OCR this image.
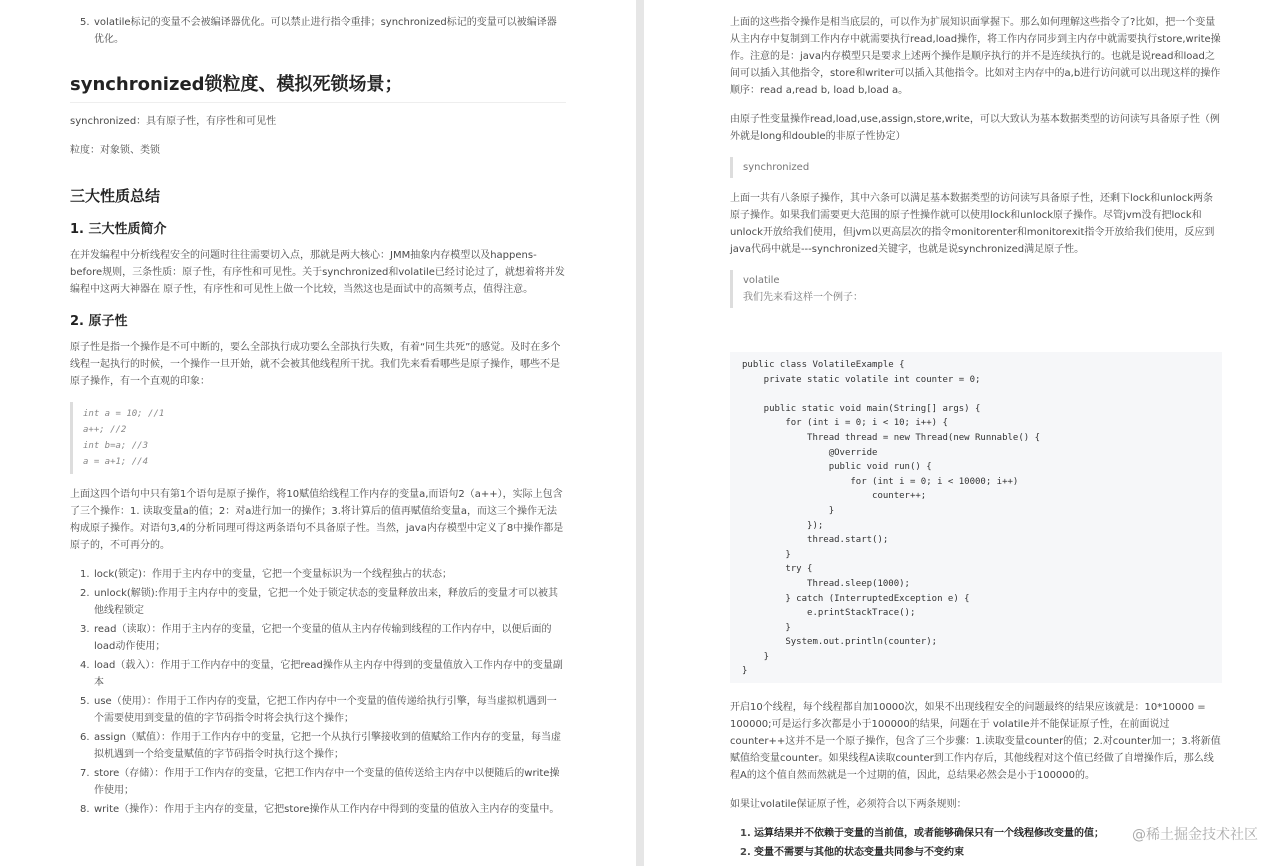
5. volatile标记的变量不会被编译器优化。可以禁止进行指令重排；synchronized标记的变量可以被编译器优化。
synchronized锁粒度、模拟死锁场景；

synchronized：具有原子性，有序性和可见性

粒度：对象锁、类锁

三大性质总结
1. 三大性质简介

在并发编程中分析线程安全的问题时往往需要切入点，那就是两大核心：JMM抽象内存模型以及happens-before规则，三条性质：原子性，有序性和可见性。关于synchronized和volatile已经讨论过了，就想着将并发编程中这两大神器在 原子性，有序性和可见性上做一个比较，当然这也是面试中的高频考点，值得注意。

2. 原子性

原子性是指一个操作是不可中断的，要么全部执行成功要么全部执行失败，有着“同生共死”的感觉。及时在多个线程一起执行的时候，一个操作一旦开始，就不会被其他线程所干扰。我们先来看看哪些是原子操作，哪些不是原子操作，有一个直观的印象：

int a = 10; //1

a++; //2

int b=a; //3

a = a+1; //4

上面这四个语句中只有第1个语句是原子操作，将10赋值给线程工作内存的变量a,而语句2（a++），实际上包含了三个操作：1. 读取变量a的值；2：对a进行加一的操作；3.将计算后的值再赋值给变量a，而这三个操作无法构成原子操作。对语句3,4的分析同理可得这两条语句不具备原子性。当然，java内存模型中定义了8中操作都是原子的，不可再分的。

1. lock(锁定)：作用于主内存中的变量，它把一个变量标识为一个线程独占的状态；
2. unlock(解锁):作用于主内存中的变量，它把一个处于锁定状态的变量释放出来，释放后的变量才可以被其他线程锁定
3. read（读取）：作用于主内存的变量，它把一个变量的值从主内存传输到线程的工作内存中，以便后面的load动作使用；
4. load（载入）：作用于工作内存中的变量，它把read操作从主内存中得到的变量值放入工作内存中的变量副本
5. use（使用）：作用于工作内存的变量，它把工作内存中一个变量的值传递给执行引擎，每当虚拟机遇到一个需要使用到变量的值的字节码指令时将会执行这个操作；
6. assign（赋值）：作用于工作内存中的变量，它把一个从执行引擎接收到的值赋给工作内存的变量，每当虚拟机遇到一个给变量赋值的字节码指令时执行这个操作；
7. store（存储）：作用于工作内存的变量，它把工作内存中一个变量的值传送给主内存中以便随后的write操作使用；
8. write（操作）：作用于主内存的变量，它把store操作从工作内存中得到的变量的值放入主内存的变量中。

上面的这些指令操作是相当底层的，可以作为扩展知识面掌握下。那么如何理解这些指令了?比如，把一个变量从主内存中复制到工作内存中就需要执行read,load操作，将工作内存同步到主内存中就需要执行store,write操作。注意的是：java内存模型只是要求上述两个操作是顺序执行的并不是连续执行的。也就是说read和load之间可以插入其他指令，store和writer可以插入其他指令。比如对主内存中的a,b进行访问就可以出现这样的操作顺序：read a,read b, load b,load a。

由原子性变量操作read,load,use,assign,store,write，可以大致认为基本数据类型的访问读写具备原子性（例外就是long和double的非原子性协定）

synchronized

上面一共有八条原子操作，其中六条可以满足基本数据类型的访问读写具备原子性，还剩下lock和unlock两条原子操作。如果我们需要更大范围的原子性操作就可以使用lock和unlock原子操作。尽管jvm没有把lock和unlock开放给我们使用，但jvm以更高层次的指令monitorenter和monitorexit指令开放给我们使用，反应到java代码中就是---synchronized关键字，也就是说synchronized满足原子性。

volatile

我们先来看这样一个例子：

public class VolatileExample {
private static volatile int counter = 0;

public static void main(String[] args) {
for (int i = 0; i < 10; i++) {
Thread thread = new Thread(new Runnable() {
@Override
public void run() {
for (int i = 0; i < 10000; i++)
counter++;
}
});
thread.start();
}
try {
Thread.sleep(1000);
} catch (InterruptedException e) {
e.printStackTrace();
}
System.out.println(counter);
}
}

开启10个线程，每个线程都自加10000次，如果不出现线程安全的问题最终的结果应该就是：10*10000 = 100000;可是运行多次都是小于100000的结果，问题在于 volatile并不能保证原子性，在前面说过counter++这并不是一个原子操作，包含了三个步骤：1.读取变量counter的值；2.对counter加一；3.将新值赋值给变量counter。如果线程A读取counter到工作内存后，其他线程对这个值已经做了自增操作后，那么线程A的这个值自然而然就是一个过期的值，因此，总结果必然会是小于100000的。

如果让volatile保证原子性，必须符合以下两条规则：

1. 运算结果并不依赖于变量的当前值，或者能够确保只有一个线程修改变量的值；
2. 变量不需要与其他的状态变量共同参与不变约束
@稀土掘金技术社区
